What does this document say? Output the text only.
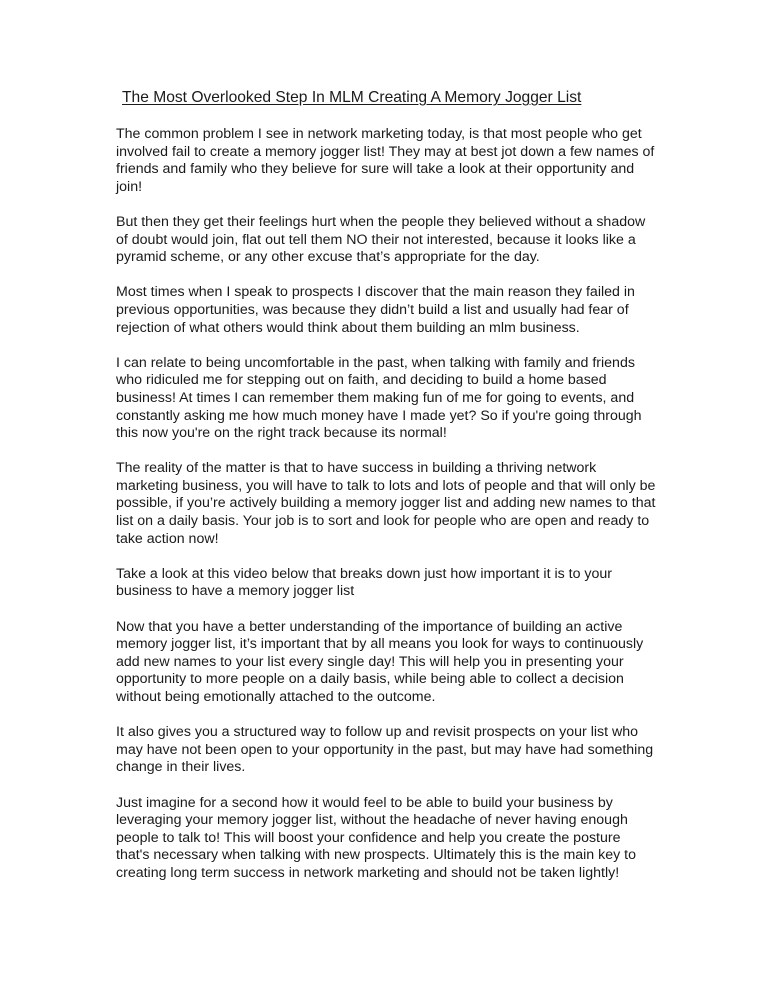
The Most Overlooked Step In MLM Creating A Memory Jogger List

The common problem I see in network marketing today, is that most people who get involved fail to create a memory jogger list! They may at best jot down a few names of friends and family who they believe for sure will take a look at their opportunity and join!

But then they get their feelings hurt when the people they believed without a shadow of doubt would join, flat out tell them NO their not interested, because it looks like a pyramid scheme, or any other excuse that’s appropriate for the day.

Most times when I speak to prospects I discover that the main reason they failed in previous opportunities, was because they didn’t build a list and usually had fear of rejection of what others would think about them building an mlm business.

I can relate to being uncomfortable in the past, when talking with family and friends who ridiculed me for stepping out on faith, and deciding to build a home based business! At times I can remember them making fun of me for going to events, and constantly asking me how much money have I made yet? So if you're going through this now you're on the right track because its normal!

The reality of the matter is that to have success in building a thriving network marketing business, you will have to talk to lots and lots of people and that will only be possible, if you’re actively building a memory jogger list and adding new names to that list on a daily basis. Your job is to sort and look for people who are open and ready to take action now!

Take a look at this video below that breaks down just how important it is to your business to have a memory jogger list

Now that you have a better understanding of the importance of building an active memory jogger list, it’s important that by all means you look for ways to continuously add new names to your list every single day! This will help you in presenting your opportunity to more people on a daily basis, while being able to collect a decision without being emotionally attached to the outcome.

It also gives you a structured way to follow up and revisit prospects on your list who may have not been open to your opportunity in the past, but may have had something change in their lives.

Just imagine for a second how it would feel to be able to build your business by leveraging your memory jogger list, without the headache of never having enough people to talk to! This will boost your confidence and help you create the posture that's necessary when talking with new prospects. Ultimately this is the main key to creating long term success in network marketing and should not be taken lightly!
